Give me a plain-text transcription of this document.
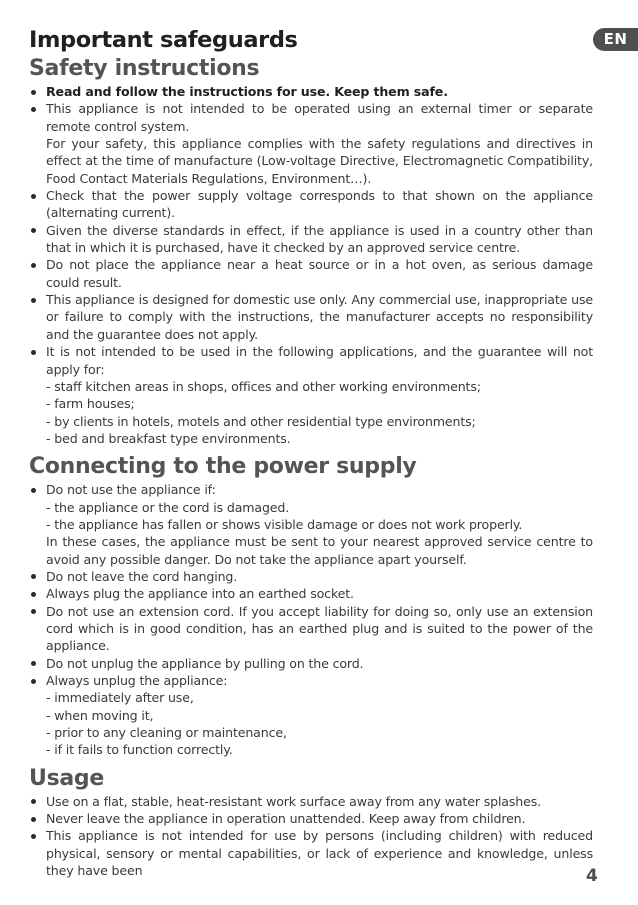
EN
Important safeguards
Safety instructions
Read and follow the instructions for use. Keep them safe.
This appliance is not intended to be operated using an external timer or separate remote control system.
For your safety, this appliance complies with the safety regulations and directives in effect at the time of manufacture (Low-voltage Directive, Electromagnetic Compatibility, Food Contact Materials Regulations, Environment…).
Check that the power supply voltage corresponds to that shown on the appliance (alternating current).
Given the diverse standards in effect, if the appliance is used in a country other than that in which it is purchased, have it checked by an approved service centre.
Do not place the appliance near a heat source or in a hot oven, as serious damage could result.
This appliance is designed for domestic use only. Any commercial use, inappropriate use or failure to comply with the instructions, the manufacturer accepts no responsibility and the guarantee does not apply.
It is not intended to be used in the following applications, and the guarantee will not apply for:
- staff kitchen areas in shops, offices and other working environments;
- farm houses;
- by clients in hotels, motels and other residential type environments;
- bed and breakfast type environments.
Connecting to the power supply
Do not use the appliance if:
- the appliance or the cord is damaged.
- the appliance has fallen or shows visible damage or does not work properly.
In these cases, the appliance must be sent to your nearest approved service centre to avoid any possible danger. Do not take the appliance apart yourself.
Do not leave the cord hanging.
Always plug the appliance into an earthed socket.
Do not use an extension cord. If you accept liability for doing so, only use an extension cord which is in good condition, has an earthed plug and is suited to the power of the appliance.
Do not unplug the appliance by pulling on the cord.
Always unplug the appliance:
- immediately after use,
- when moving it,
- prior to any cleaning or maintenance,
- if it fails to function correctly.
Usage
Use on a flat, stable, heat-resistant work surface away from any water splashes.
Never leave the appliance in operation unattended. Keep away from children.
This appliance is not intended for use by persons (including children) with reduced physical, sensory or mental capabilities, or lack of experience and knowledge, unless they have been	4
